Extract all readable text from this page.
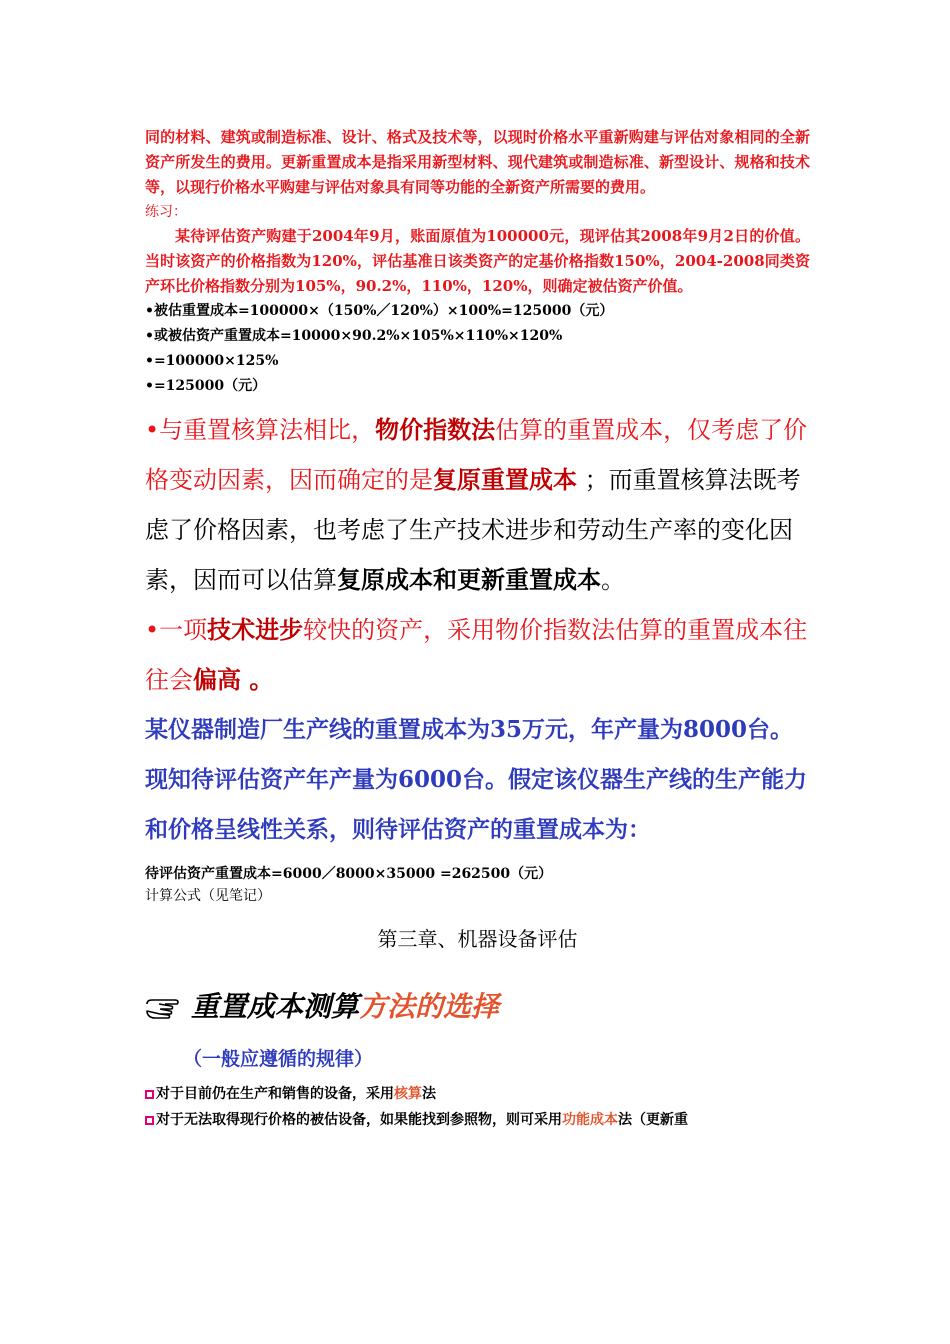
同的材料、建筑或制造标准、设计、格式及技术等，以现时价格水平重新购建与评估对象相同的全新资产所发生的费用。更新重置成本是指采用新型材料、现代建筑或制造标准、新型设计、规格和技术等，以现行价格水平购建与评估对象具有同等功能的全新资产所需要的费用。

练习：

某待评估资产购建于2004年9月，账面原值为100000元，现评估其2008年9月2日的价值。当时该资产的价格指数为120%，评估基准日该类资产的定基价格指数150%，2004-2008同类资产环比价格指数分别为105%，90.2%，110%，120%，则确定被估资产价值。

•被估重置成本=100000×（150%／120%）×100%=125000（元）

•或被估资产重置成本=10000×90.2%×105%×110%×120%

•=100000×125%

•=125000（元）

•与重置核算法相比，物价指数法估算的重置成本，仅考虑了价格变动因素，因而确定的是复原重置成本 ；而重置核算法既考虑了价格因素，也考虑了生产技术进步和劳动生产率的变化因素，因而可以估算复原成本和更新重置成本。

•一项技术进步较快的资产，采用物价指数法估算的重置成本往往会偏高 。

某仪器制造厂生产线的重置成本为35万元，年产量为8000台。现知待评估资产年产量为6000台。假定该仪器生产线的生产能力和价格呈线性关系，则待评估资产的重置成本为：

待评估资产重置成本=6000／8000×35000 =262500（元）

计算公式（见笔记）

第三章、机器设备评估

重置成本测算 方法的选择

（一般应遵循的规律）

对于目前仍在生产和销售的设备，采用 核算 法
对于无法取得现行价格的被估设备，如果能找到参照物，则可采用 功能成本 法（更新重
